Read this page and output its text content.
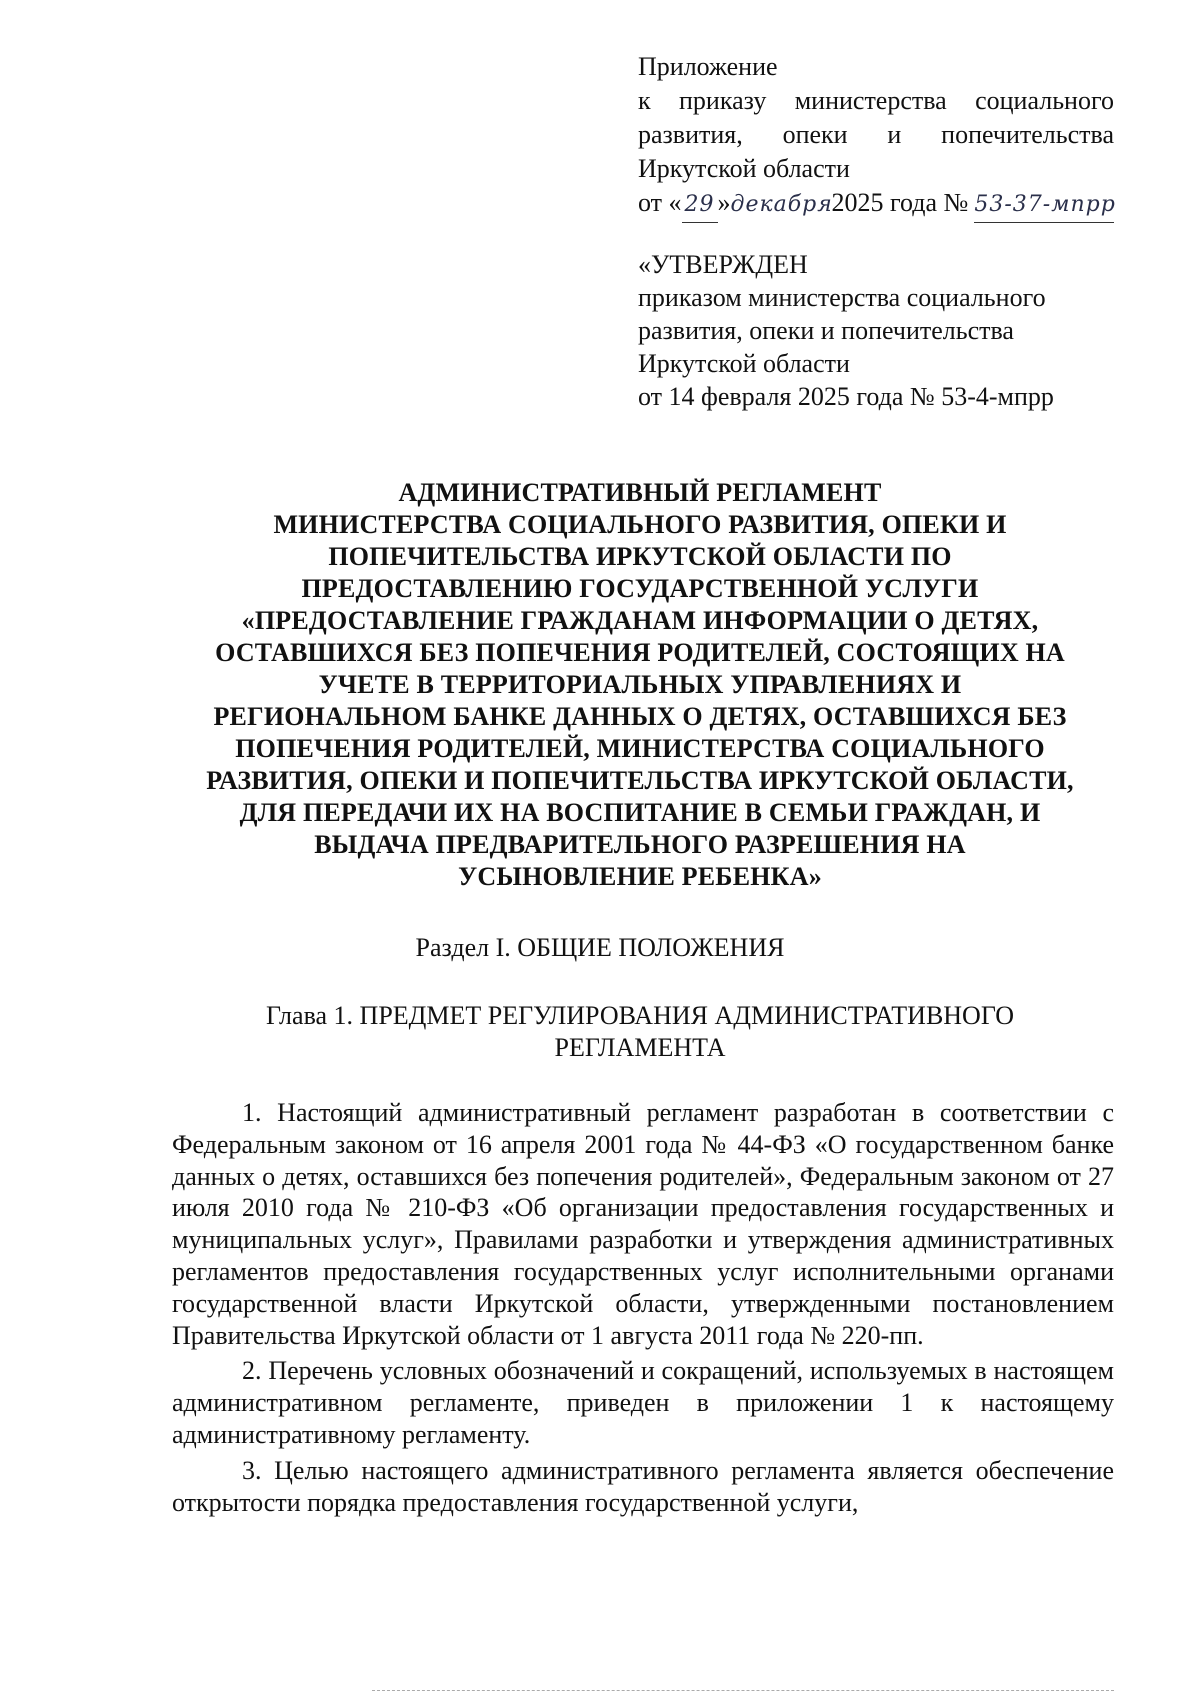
Приложение
к приказу министерства социального
развития, опеки и попечительства
Иркутской области
от « 29 » декабря
2025 года № 53-37-мпрр
«УТВЕРЖДЕН
приказом министерства социального
развития, опеки и попечительства
Иркутской области
от 14 февраля 2025 года № 53-4-мпрр
АДМИНИСТРАТИВНЫЙ РЕГЛАМЕНТ
МИНИСТЕРСТВА СОЦИАЛЬНОГО РАЗВИТИЯ, ОПЕКИ И
ПОПЕЧИТЕЛЬСТВА ИРКУТСКОЙ ОБЛАСТИ ПО
ПРЕДОСТАВЛЕНИЮ ГОСУДАРСТВЕННОЙ УСЛУГИ
«ПРЕДОСТАВЛЕНИЕ ГРАЖДАНАМ ИНФОРМАЦИИ О ДЕТЯХ,
ОСТАВШИХСЯ БЕЗ ПОПЕЧЕНИЯ РОДИТЕЛЕЙ, СОСТОЯЩИХ НА
УЧЕТЕ В ТЕРРИТОРИАЛЬНЫХ УПРАВЛЕНИЯХ И
РЕГИОНАЛЬНОМ БАНКЕ ДАННЫХ О ДЕТЯХ, ОСТАВШИХСЯ БЕЗ
ПОПЕЧЕНИЯ РОДИТЕЛЕЙ, МИНИСТЕРСТВА СОЦИАЛЬНОГО
РАЗВИТИЯ, ОПЕКИ И ПОПЕЧИТЕЛЬСТВА ИРКУТСКОЙ ОБЛАСТИ,
ДЛЯ ПЕРЕДАЧИ ИХ НА ВОСПИТАНИЕ В СЕМЬИ ГРАЖДАН, И
ВЫДАЧА ПРЕДВАРИТЕЛЬНОГО РАЗРЕШЕНИЯ НА
УСЫНОВЛЕНИЕ РЕБЕНКА»
Раздел I. ОБЩИЕ ПОЛОЖЕНИЯ
Глава 1. ПРЕДМЕТ РЕГУЛИРОВАНИЯ АДМИНИСТРАТИВНОГО
РЕГЛАМЕНТА

1. Настоящий административный регламент разработан в соответствии с Федеральным законом от 16 апреля 2001 года № 44-ФЗ «О государственном банке данных о детях, оставшихся без попечения родителей», Федеральным законом от 27 июля 2010 года № 210-ФЗ «Об организации предоставления государственных и муниципальных услуг», Правилами разработки и утверждения административных регламентов предоставления государственных услуг исполнительными органами государственной власти Иркутской области, утвержденными постановлением Правительства Иркутской области от 1 августа 2011 года № 220-пп.

2. Перечень условных обозначений и сокращений, используемых в настоящем административном регламенте, приведен в приложении 1 к настоящему административному регламенту.

3. Целью настоящего административного регламента является обеспечение открытости порядка предоставления государственной услуги,
